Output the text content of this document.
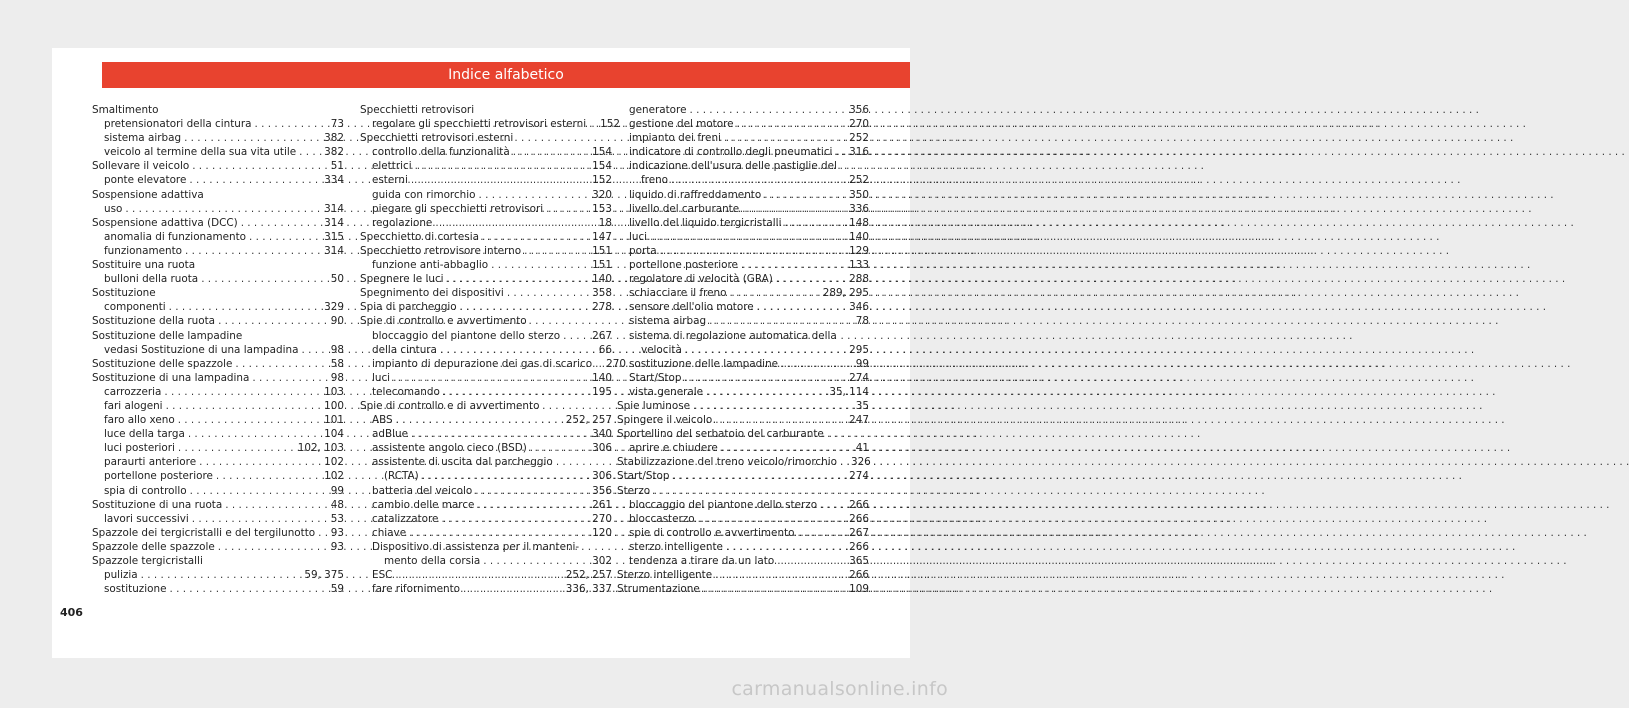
Indice alfabetico
Smaltimento
pretensionatori della cintura . . .	73
sistema airbag . . .	382
veicolo al termine della sua vita utile . . .	382
Sollevare il veicolo . . .	51
ponte elevatore . . .	334
Sospensione adattiva
uso . . .	314
Sospensione adattiva (DCC) . . .	314
anomalia di funzionamento . . .	315
funzionamento . . .	314
Sostituire una ruota
bulloni della ruota . . .	50
Sostituzione
componenti . . .	329
Sostituzione della ruota . . .	90
Sostituzione delle lampadine
vedasi Sostituzione di una lampadina . . .	98
Sostituzione delle spazzole . . .	58
Sostituzione di una lampadina . . .	98
carrozzeria . . .	103
fari alogeni . . .	100
faro allo xeno . . .	101
luce della targa . . .	104
luci posteriori . . .	102, 103
paraurti anteriore . . .	102
portellone posteriore . . .	102
spia di controllo . . .	99
Sostituzione di una ruota . . .	48
lavori successivi . . .	53
Spazzole dei tergicristalli e del tergilunotto . . . 93
Spazzole delle spazzole . . .	93
Spazzole tergicristalli
pulizia . . .	59, 375
sostituzione . . .	59
Specchietti retrovisori
regolare gli specchietti retrovisori esterni . . . 152
Specchietti retrovisori esterni
controllo della funzionalità . . .	154
elettrici . . .	154
esterni . . .	152
guida con rimorchio . . .	320
piegare gli specchietti retrovisori . . .	153
regolazione . . .	18
Specchietto di cortesia . . .	147
Specchietto retrovisore interno . . .	151
funzione anti-abbaglio . . .	151
Spegnere le luci . . .	140
Spegnimento dei dispositivi . . .	358
Spia di parcheggio . . .	278
Spie di controllo e avvertimento
bloccaggio del piantone dello sterzo . . .	267
della cintura . . .	66
impianto di depurazione dei gas di scarico . . . 270
luci . . .	140
telecomando . . .	195
Spie di controllo e di avvertimento
ABS . . .	252, 257
adBlue . . .	340
assistente angolo cieco (BSD) . . .	306
assistente di uscita dal parcheggio
(RCTA) . . .	306
batteria del veicolo . . .	356
cambio delle marce . . .	261
catalizzatore . . .	270
chiave . . .	120
Dispositivo di assistenza per il manteni-
mento della corsia . . .	302
ESC . . .	252, 257
fare rifornimento . . .	336, 337
generatore . . .	356
gestione del motore . . .	270
impianto dei freni . . .	252
indicatore di controllo degli pneumatici . . . 316
indicazione dell'usura delle pastiglie del
freno . . .	252
liquido di raffreddamento . . .	350
livello del carburante . . .	336
livello del liquido tergicristalli . . .	148
luci . . .	140
porta . . .	129
portellone posteriore . . .	133
regolatore di velocità (GRA) . . .	288
schiacciare il freno . . .	289, 295
sensore dell'olio motore . . .	346
sistema airbag . . .	78
sistema di regolazione automatica della
velocità . . .	295
sostituzione delle lampadine . . .	99
Start/Stop . . .	274
vista generale . . .	35, 114
Spie luminose . . .	35
Spingere il veicolo . . .	247
Sportellino del serbatoio del carburante
aprire e chiudere . . .	41
Stabilizzazione del treno veicolo/rimorchio . . . 326
Start/Stop . . .	274
Sterzo
bloccaggio del piantone dello sterzo . . .	266
bloccasterzo . . .	266
spie di controllo e avvertimento . . .	267
sterzo intelligente . . .	266
tendenza a tirare da un lato . . .	365
Sterzo intelligente . . .	266
Strumentazione . . .	109
406
carmanualsonline.info
